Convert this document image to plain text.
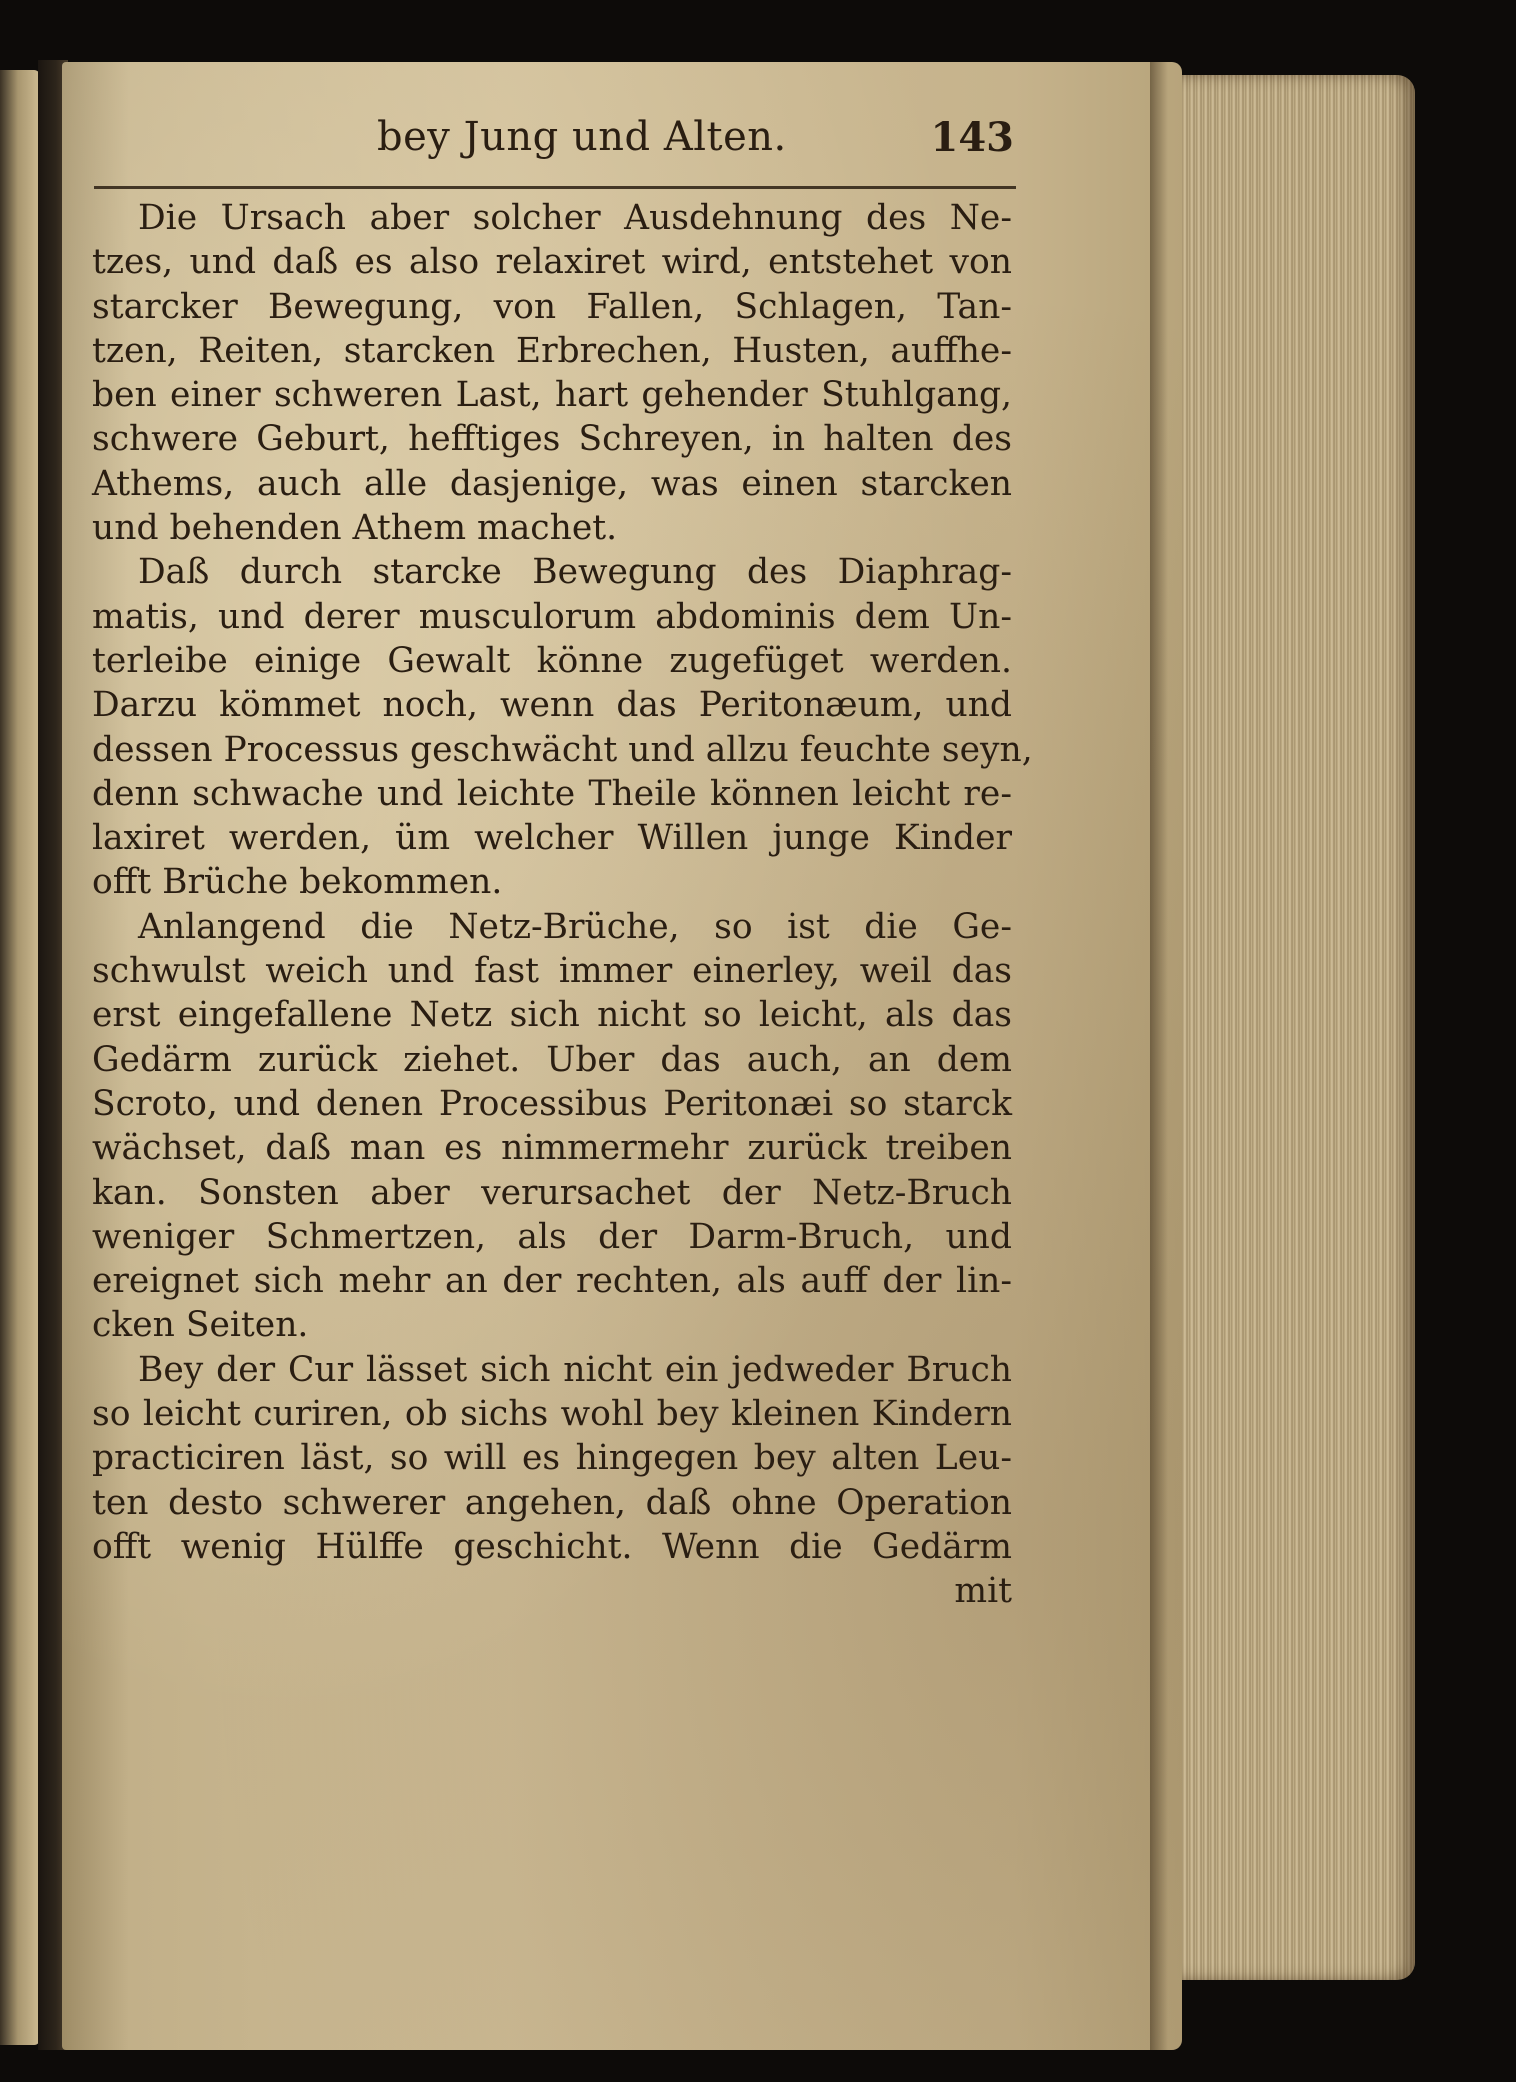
bey Jung und Alten.	143
Die Ursach aber solcher Ausdehnung des Ne-
tzes, und daß es also relaxiret wird, entstehet von
starcker Bewegung, von Fallen, Schlagen, Tan-
tzen, Reiten, starcken Erbrechen, Husten, auffhe-
ben einer schweren Last, hart gehender Stuhlgang,
schwere Geburt, hefftiges Schreyen, in halten des
Athems, auch alle dasjenige, was einen starcken
und behenden Athem machet.
Daß durch starcke Bewegung des Diaphrag-
matis, und derer musculorum abdominis dem Un-
terleibe einige Gewalt könne zugefüget werden.
Darzu kömmet noch, wenn das Peritonæum, und
dessen Processus geschwächt und allzu feuchte seyn,
denn schwache und leichte Theile können leicht re-
laxiret werden, üm welcher Willen junge Kinder
offt Brüche bekommen.
Anlangend die Netz-Brüche, so ist die Ge-
schwulst weich und fast immer einerley, weil das
erst eingefallene Netz sich nicht so leicht, als das
Gedärm zurück ziehet. Uber das auch, an dem
Scroto, und denen Processibus Peritonæi so starck
wächset, daß man es nimmermehr zurück treiben
kan. Sonsten aber verursachet der Netz-Bruch
weniger Schmertzen, als der Darm-Bruch, und
ereignet sich mehr an der rechten, als auff der lin-
cken Seiten.
Bey der Cur lässet sich nicht ein jedweder Bruch
so leicht curiren, ob sichs wohl bey kleinen Kindern
practiciren läst, so will es hingegen bey alten Leu-
ten desto schwerer angehen, daß ohne Operation
offt wenig Hülffe geschicht. Wenn die Gedärm
mit
